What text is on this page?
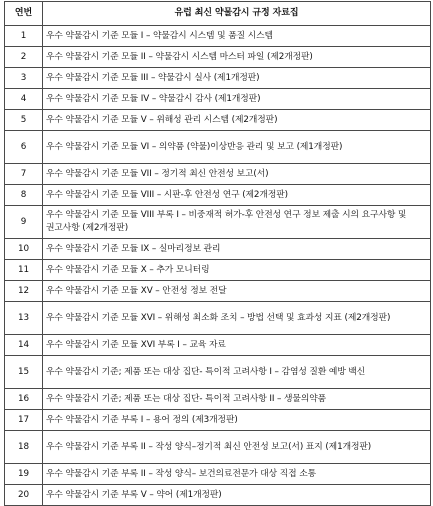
연번	유럽 최신 약물감시 규정 자료집
1	우수 약물감시 기준 모듈 I – 약물감시 시스템 및 품질 시스템
2	우수 약물감시 기준 모듈 II – 약물감시 시스템 마스터 파일 (제2개정판)
3	우수 약물감시 기준 모듈 III – 약물감시 실사 (제1개정판)
4	우수 약물감시 기준 모듈 IV – 약물감시 감사 (제1개정판)
5	우수 약물감시 기준 모듈 V – 위해성 관리 시스템 (제2개정판)
6	우수 약물감시 기준 모듈 VI – 의약품 (약물)이상반응 관리 및 보고 (제1개정판)
7	우수 약물감시 기준 모듈 VII – 정기적 최신 안전성 보고(서)
8	우수 약물감시 기준 모듈 VIII – 시판-후 안전성 연구 (제2개정판)
9	우수 약물감시 기준 모듈 VIII 부록 I – 비중재적 허가-후 안전성 연구 정보 제출 시의 요구사항 및 권고사항 (제2개정판)
10	우수 약물감시 기준 모듈 IX – 실마리정보 관리
11	우수 약물감시 기준 모듈 X – 추가 모니터링
12	우수 약물감시 기준 모듈 XV – 안전성 정보 전달
13	우수 약물감시 기준 모듈 XVI – 위해성 최소화 조치 – 방법 선택 및 효과성 지표 (제2개정판)
14	우수 약물감시 기준 모듈 XVI 부록 I – 교육 자료
15	우수 약물감시 기준; 제품 또는 대상 집단- 특이적 고려사항 I – 감염성 질환 예방 백신
16	우수 약물감시 기준; 제품 또는 대상 집단- 특이적 고려사항 II – 생물의약품
17	우수 약물감시 기준 부록 I – 용어 정의 (제3개정판)
18	우수 약물감시 기준 부록 II – 작성 양식–정기적 최신 안전성 보고(서) 표지 (제1개정판)
19	우수 약물감시 기준 부록 II – 작성 양식– 보건의료전문가 대상 직접 소통
20	우수 약물감시 기준 부록 V – 약어 (제1개정판)
